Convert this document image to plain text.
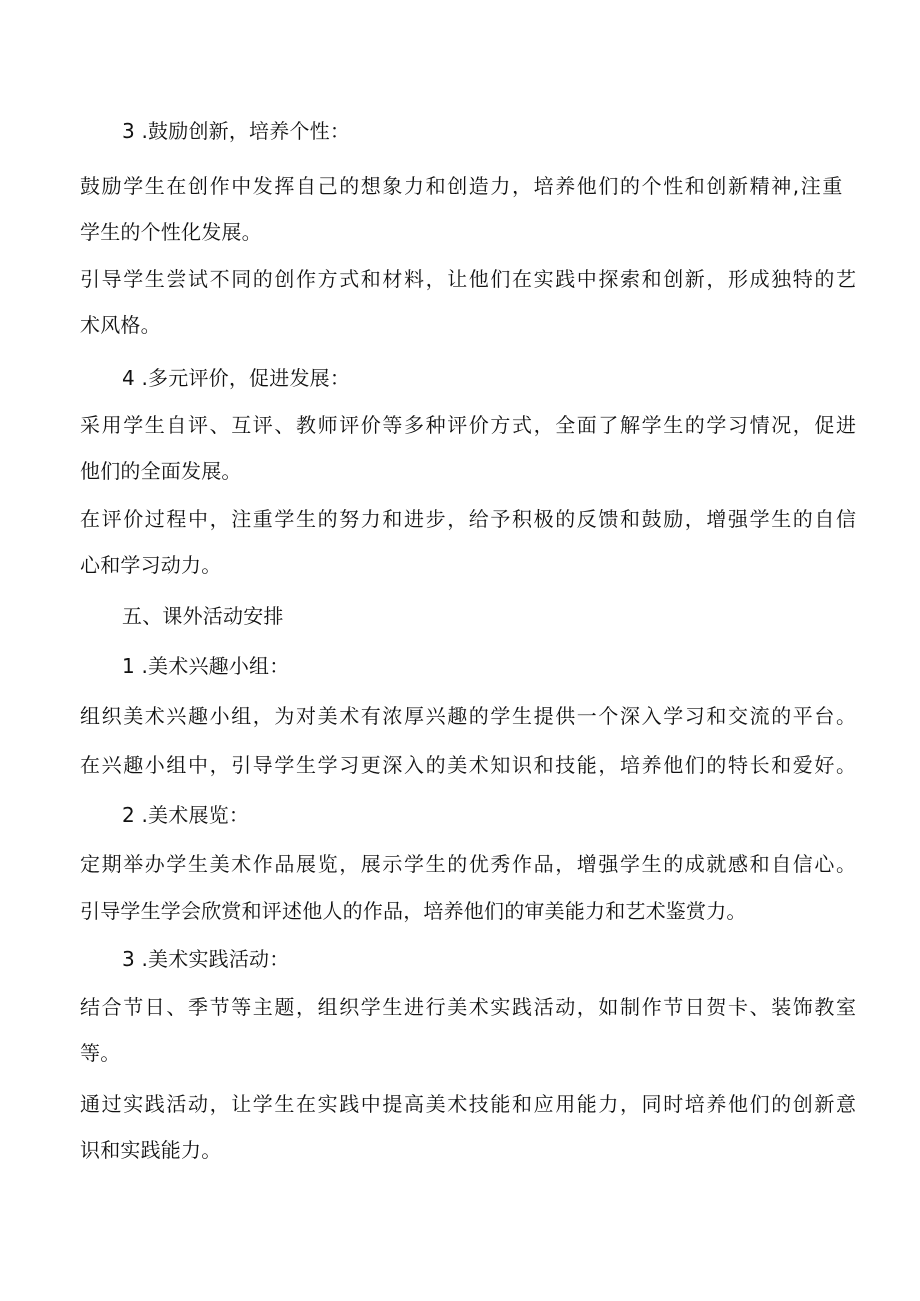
3 .鼓励创新，培养个性：
鼓励学生在创作中发挥自己的想象力和创造力，培养他们的个性和创新精神,注重
学生的个性化发展。
引导学生尝试不同的创作方式和材料，让他们在实践中探索和创新，形成独特的艺
术风格。
4 .多元评价，促进发展：
采用学生自评、互评、教师评价等多种评价方式，全面了解学生的学习情况，促进
他们的全面发展。
在评价过程中，注重学生的努力和进步，给予积极的反馈和鼓励，增强学生的自信
心和学习动力。
五、课外活动安排
1 .美术兴趣小组：
组织美术兴趣小组，为对美术有浓厚兴趣的学生提供一个深入学习和交流的平台。
在兴趣小组中，引导学生学习更深入的美术知识和技能，培养他们的特长和爱好。
2 .美术展览：
定期举办学生美术作品展览，展示学生的优秀作品，增强学生的成就感和自信心。
引导学生学会欣赏和评述他人的作品，培养他们的审美能力和艺术鉴赏力。
3 .美术实践活动：
结合节日、季节等主题，组织学生进行美术实践活动，如制作节日贺卡、装饰教室
等。
通过实践活动，让学生在实践中提高美术技能和应用能力，同时培养他们的创新意
识和实践能力。
